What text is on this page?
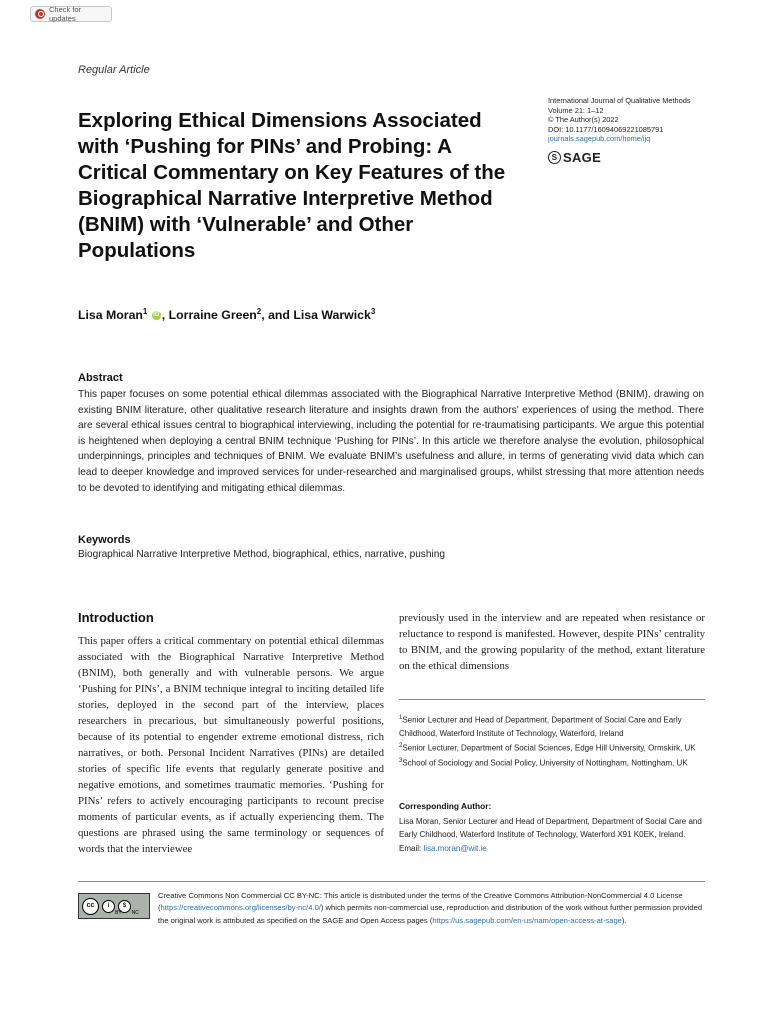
Check for updates
Regular Article
Exploring Ethical Dimensions Associated with ‘Pushing for PINs’ and Probing: A Critical Commentary on Key Features of the Biographical Narrative Interpretive Method (BNIM) with ‘Vulnerable’ and Other Populations
International Journal of Qualitative Methods
Volume 21: 1–12
© The Author(s) 2022
DOI: 10.1177/16094069221085791
journals.sagepub.com/home/ijq
S SAGE
Lisa Moran$^1$ iD , Lorraine Green$^2$, and Lisa Warwick$^3$
Abstract
This paper focuses on some potential ethical dilemmas associated with the Biographical Narrative Interpretive Method (BNIM), drawing on existing BNIM literature, other qualitative research literature and insights drawn from the authors’ experiences of using the method. There are several ethical issues central to biographical interviewing, including the potential for re-traumatising participants. We argue this potential is heightened when deploying a central BNIM technique ‘Pushing for PINs’. In this article we therefore analyse the evolution, philosophical underpinnings, principles and techniques of BNIM. We evaluate BNIM’s usefulness and allure, in terms of generating vivid data which can lead to deeper knowledge and improved services for under-researched and marginalised groups, whilst stressing that more attention needs to be devoted to identifying and mitigating ethical dilemmas.
Keywords
Biographical Narrative Interpretive Method, biographical, ethics, narrative, pushing
Introduction
This paper offers a critical commentary on potential ethical dilemmas associated with the Biographical Narrative Interpretive Method (BNIM), both generally and with vulnerable persons. We argue ‘Pushing for PINs’, a BNIM technique integral to inciting detailed life stories, deployed in the second part of the interview, places researchers in precarious, but simultaneously powerful positions, because of its potential to engender extreme emotional distress, rich narratives, or both. Personal Incident Narratives (PINs) are detailed stories of specific life events that regularly generate positive and negative emotions, and sometimes traumatic memories. ‘Pushing for PINs’ refers to actively encouraging participants to recount precise moments of particular events, as if actually experiencing them. The questions are phrased using the same terminology or sequences of words that the interviewee
previously used in the interview and are repeated when resistance or reluctance to respond is manifested. However, despite PINs’ centrality to BNIM, and the growing popularity of the method, extant literature on the ethical dimensions
$^1$Senior Lecturer and Head of Department, Department of Social Care and Early Childhood, Waterford Institute of Technology, Waterford, Ireland
$^2$Senior Lecturer, Department of Social Sciences, Edge Hill University, Ormskirk, UK
$^3$School of Sociology and Social Policy, University of Nottingham, Nottingham, UK
Corresponding Author:
Lisa Moran, Senior Lecturer and Head of Department, Department of Social Care and Early Childhood, Waterford Institute of Technology, Waterford X91 K0EK, Ireland.
Email: lisa.moran@wit.ie
Creative Commons Non Commercial CC BY-NC: This article is distributed under the terms of the Creative Commons Attribution-NonCommercial 4.0 License (https://creativecommons.org/licenses/by-nc/4.0/) which permits non-commercial use, reproduction and distribution of the work without further permission provided the original work is attributed as specified on the SAGE and Open Access pages (https://us.sagepub.com/en-us/nam/open-access-at-sage).
cc	i	$
BY NC
